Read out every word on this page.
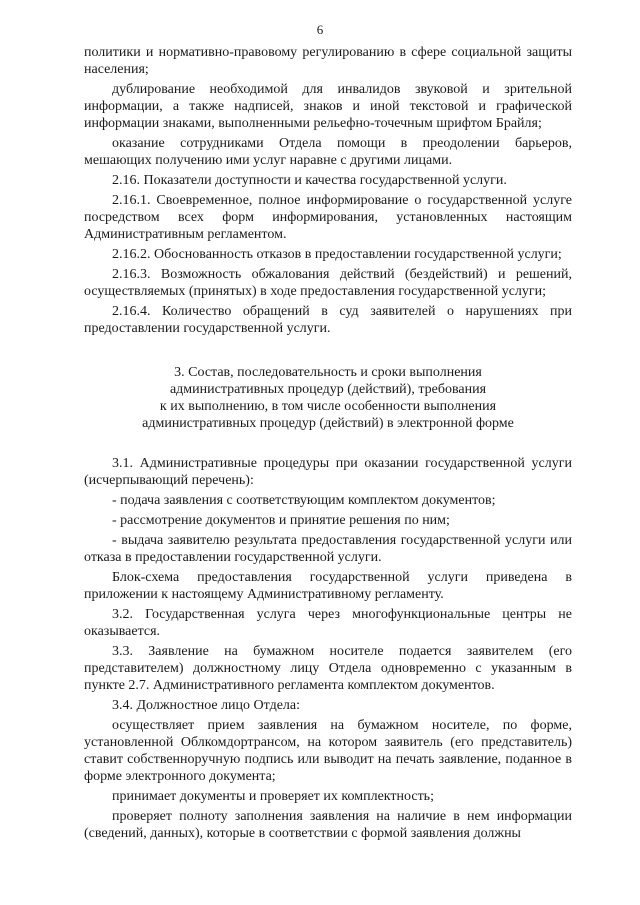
6

политики и нормативно-правовому регулированию в сфере социальной защиты населения;

дублирование необходимой для инвалидов звуковой и зрительной информации, а также надписей, знаков и иной текстовой и графической информации знаками, выполненными рельефно-точечным шрифтом Брайля;

оказание сотрудниками Отдела помощи в преодолении барьеров, мешающих получению ими услуг наравне с другими лицами.

2.16. Показатели доступности и качества государственной услуги.

2.16.1. Своевременное, полное информирование о государственной услуге посредством всех форм информирования, установленных настоящим Административным регламентом.

2.16.2. Обоснованность отказов в предоставлении государственной услуги;

2.16.3. Возможность обжалования действий (бездействий) и решений, осуществляемых (принятых) в ходе предоставления государственной услуги;

2.16.4. Количество обращений в суд заявителей о нарушениях при предоставлении государственной услуги.

3. Состав, последовательность и сроки выполнения
административных процедур (действий), требования
к их выполнению, в том числе особенности выполнения
административных процедур (действий) в электронной форме

3.1. Административные процедуры при оказании государственной услуги (исчерпывающий перечень):

- подача заявления с соответствующим комплектом документов;

- рассмотрение документов и принятие решения по ним;

- выдача заявителю результата предоставления государственной услуги или отказа в предоставлении государственной услуги.

Блок-схема предоставления государственной услуги приведена в приложении к настоящему Административному регламенту.

3.2. Государственная услуга через многофункциональные центры не оказывается.

3.3. Заявление на бумажном носителе подается заявителем (его представителем) должностному лицу Отдела одновременно с указанным в пункте 2.7. Административного регламента комплектом документов.

3.4. Должностное лицо Отдела:

осуществляет прием заявления на бумажном носителе, по форме, установленной Облкомдортрансом, на котором заявитель (его представитель) ставит собственноручную подпись или выводит на печать заявление, поданное в форме электронного документа;

принимает документы и проверяет их комплектность;

проверяет полноту заполнения заявления на наличие в нем информации (сведений, данных), которые в соответствии с формой заявления должны
